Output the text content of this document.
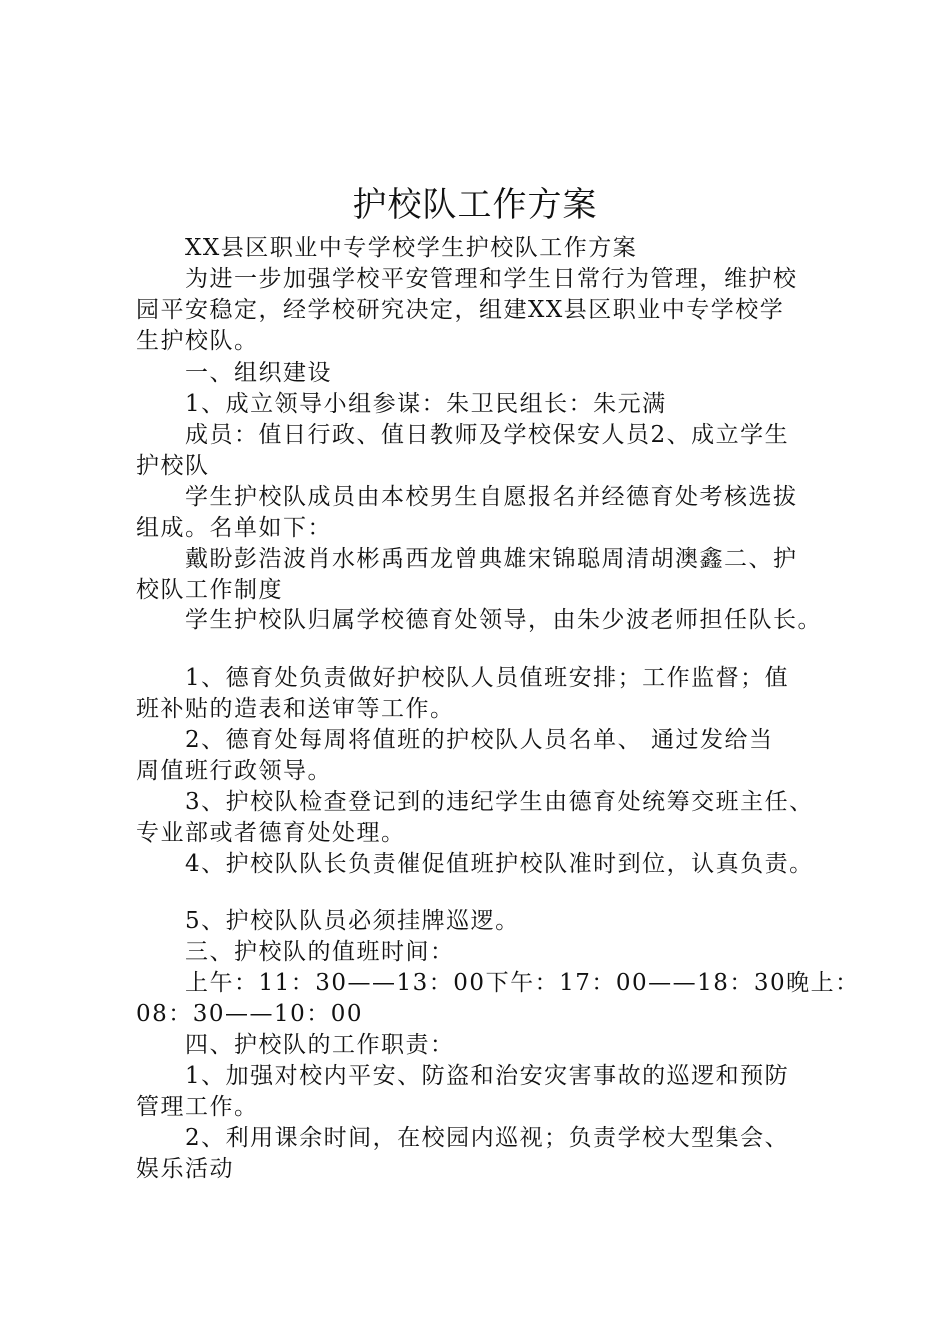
护校队工作方案
XX县区职业中专学校学生护校队工作方案
为进一步加强学校平安管理和学生日常行为管理，维护校
园平安稳定，经学校研究决定，组建XX县区职业中专学校学
生护校队。
一、组织建设
1、成立领导小组参谋：朱卫民组长：朱元满
成员：值日行政、值日教师及学校保安人员2、成立学生
护校队
学生护校队成员由本校男生自愿报名并经德育处考核选拔
组成。名单如下：
戴盼彭浩波肖水彬禹西龙曾典雄宋锦聪周清胡澳鑫二、护
校队工作制度
学生护校队归属学校德育处领导，由朱少波老师担任队长。
1、德育处负责做好护校队人员值班安排；工作监督；值
班补贴的造表和送审等工作。
2、德育处每周将值班的护校队人员名单、 通过发给当
周值班行政领导。
3、护校队检查登记到的违纪学生由德育处统筹交班主任、
专业部或者德育处处理。
4、护校队队长负责催促值班护校队准时到位，认真负责。
5、护校队队员必须挂牌巡逻。
三、护校队的值班时间：
上午：11：30——13：00下午：17：00——18：30晚上：
08：30——10：00
四、护校队的工作职责：
1、加强对校内平安、防盗和治安灾害事故的巡逻和预防
管理工作。
2、利用课余时间，在校园内巡视；负责学校大型集会、
娱乐活动
